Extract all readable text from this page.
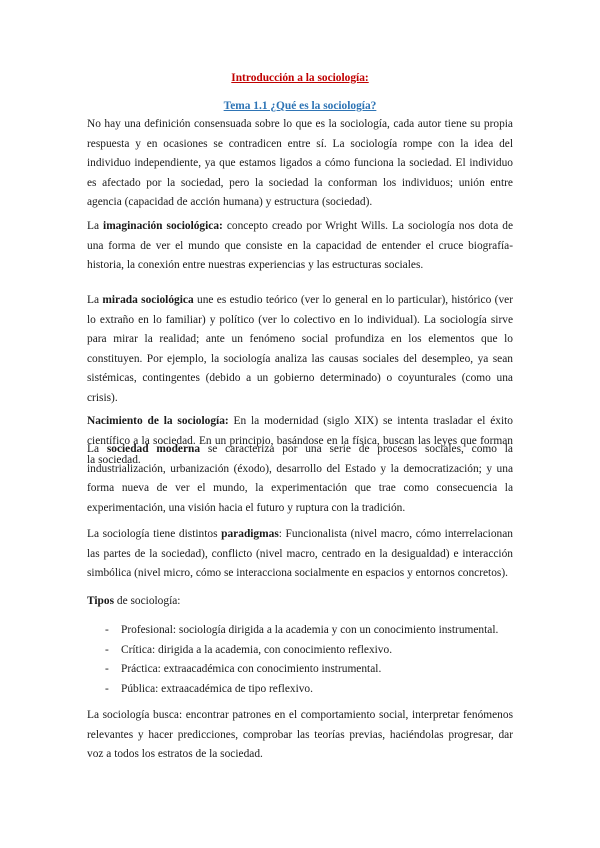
Introducción a la sociología:
Tema 1.1 ¿Qué es la sociología?

No hay una definición consensuada sobre lo que es la sociología, cada autor tiene su propia respuesta y en ocasiones se contradicen entre sí. La sociología rompe con la idea del individuo independiente, ya que estamos ligados a cómo funciona la sociedad. El individuo es afectado por la sociedad, pero la sociedad la conforman los individuos; unión entre agencia (capacidad de acción humana) y estructura (sociedad).

La imaginación sociológica: concepto creado por Wright Wills. La sociología nos dota de una forma de ver el mundo que consiste en la capacidad de entender el cruce biografía-historia, la conexión entre nuestras experiencias y las estructuras sociales.

La mirada sociológica une es estudio teórico (ver lo general en lo particular), histórico (ver lo extraño en lo familiar) y político (ver lo colectivo en lo individual). La sociología sirve para mirar la realidad; ante un fenómeno social profundiza en los elementos que lo constituyen. Por ejemplo, la sociología analiza las causas sociales del desempleo, ya sean sistémicas, contingentes (debido a un gobierno determinado) o coyunturales (como una crisis).

Nacimiento de la sociología: En la modernidad (siglo XIX) se intenta trasladar el éxito científico a la sociedad. En un principio, basándose en la física, buscan las leyes que forman la sociedad.

La sociedad moderna se caracteriza por una serie de procesos sociales, como la industrialización, urbanización (éxodo), desarrollo del Estado y la democratización; y una forma nueva de ver el mundo, la experimentación que trae como consecuencia la experimentación, una visión hacia el futuro y ruptura con la tradición.

La sociología tiene distintos paradigmas: Funcionalista (nivel macro, cómo interrelacionan las partes de la sociedad), conflicto (nivel macro, centrado en la desigualdad) e interacción simbólica (nivel micro, cómo se interacciona socialmente en espacios y entornos concretos).

Tipos de sociología:

- Profesional: sociología dirigida a la academia y con un conocimiento instrumental.
- Crítica: dirigida a la academia, con conocimiento reflexivo.
- Práctica: extraacadémica con conocimiento instrumental.
- Pública: extraacadémica de tipo reflexivo.

La sociología busca: encontrar patrones en el comportamiento social, interpretar fenómenos relevantes y hacer predicciones, comprobar las teorías previas, haciéndolas progresar, dar voz a todos los estratos de la sociedad.
